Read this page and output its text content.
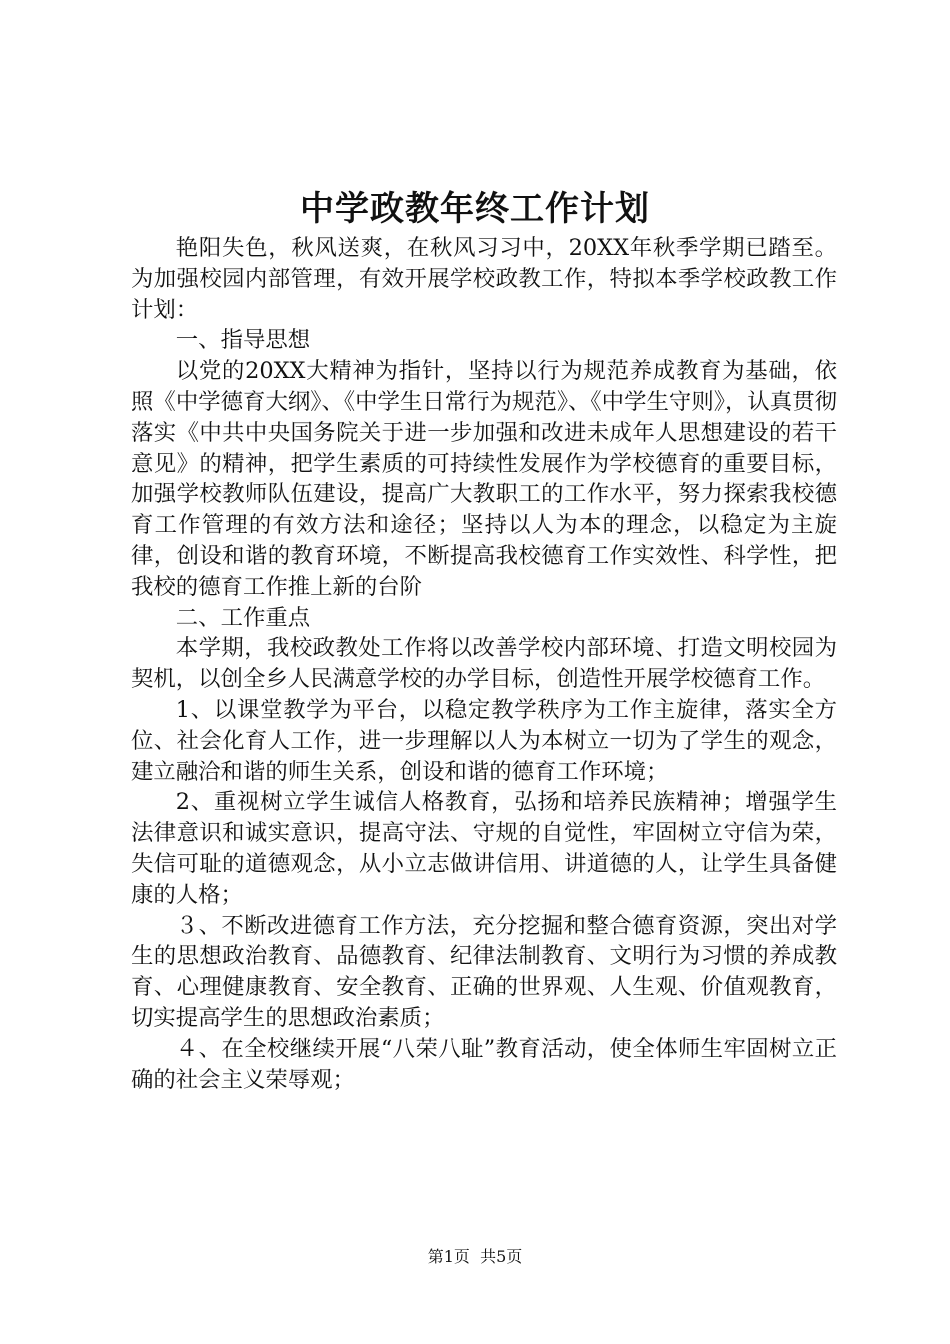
中学政教年终工作计划

艳阳失色，秋风送爽，在秋风习习中，20XX年秋季学期已踏至。为加强校园内部管理，有效开展学校政教工作，特拟本季学校政教工作计划：

一、指导思想

以党的20XX大精神为指针，坚持以行为规范养成教育为基础，依照《中学德育大纲》、《中学生日常行为规范》、《中学生守则》，认真贯彻落实《中共中央国务院关于进一步加强和改进未成年人思想建设的若干意见》的精神，把学生素质的可持续性发展作为学校德育的重要目标，加强学校教师队伍建设，提高广大教职工的工作水平，努力探索我校德育工作管理的有效方法和途径；坚持以人为本的理念，以稳定为主旋律，创设和谐的教育环境，不断提高我校德育工作实效性、科学性，把我校的德育工作推上新的台阶

二、工作重点

本学期，我校政教处工作将以改善学校内部环境、打造文明校园为契机，以创全乡人民满意学校的办学目标，创造性开展学校德育工作。

1、以课堂教学为平台，以稳定教学秩序为工作主旋律，落实全方位、社会化育人工作，进一步理解以人为本树立一切为了学生的观念，建立融洽和谐的师生关系，创设和谐的德育工作环境；

2、重视树立学生诚信人格教育，弘扬和培养民族精神；增强学生法律意识和诚实意识，提高守法、守规的自觉性，牢固树立守信为荣，失信可耻的道德观念，从小立志做讲信用、讲道德的人，让学生具备健康的人格；

３、不断改进德育工作方法，充分挖掘和整合德育资源，突出对学生的思想政治教育、品德教育、纪律法制教育、文明行为习惯的养成教育、心理健康教育、安全教育、正确的世界观、人生观、价值观教育，切实提高学生的思想政治素质；

４、在全校继续开展“八荣八耻”教育活动，使全体师生牢固树立正确的社会主义荣辱观；

第1页 共5页
